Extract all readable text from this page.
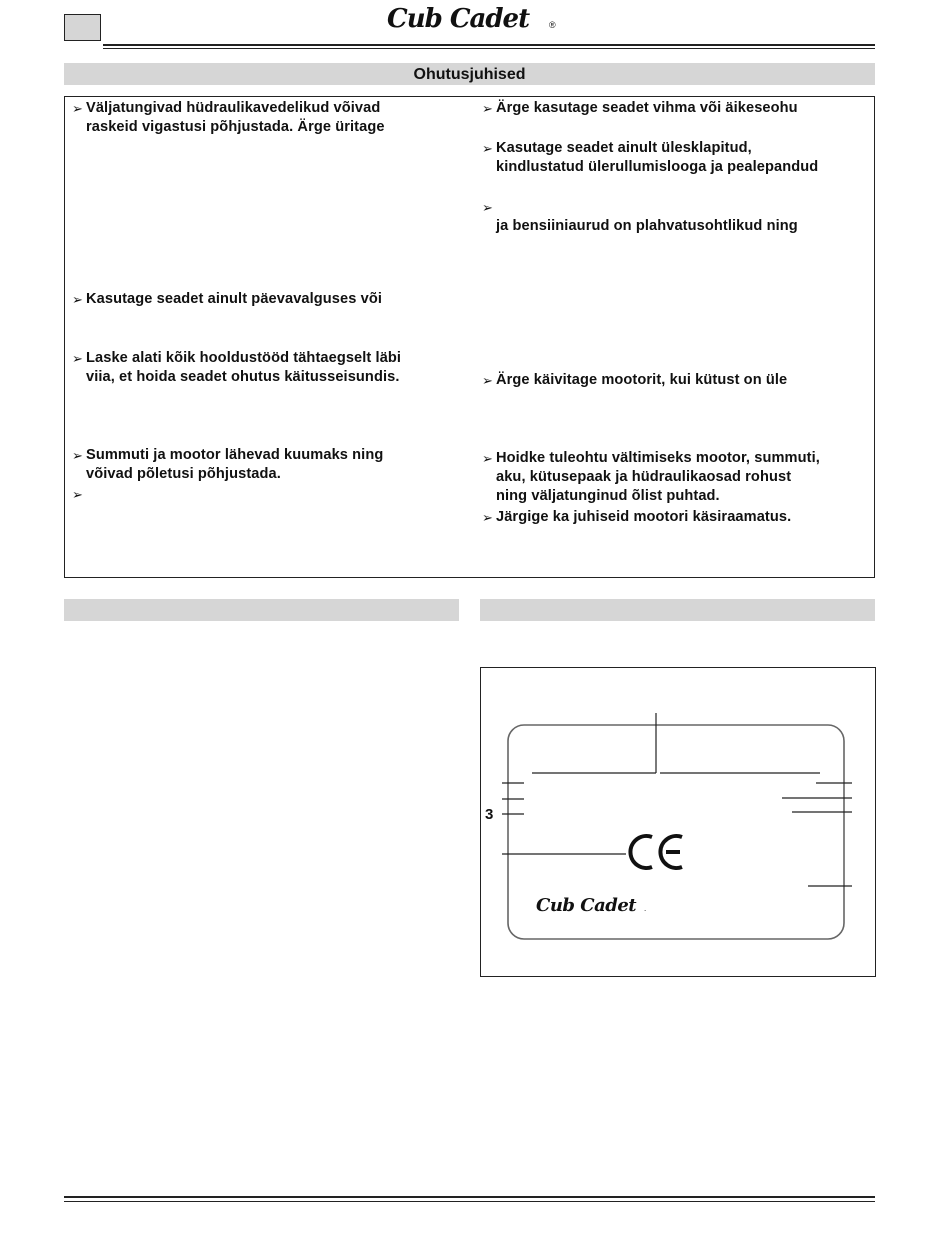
Cub Cadet ®
Ohutusjuhised
➢ Väljatungivad hüdraulikavedelikud võivad
raskeid vigastusi põhjustada. Ärge üritage
➢ Kasutage seadet ainult päevavalguses või
➢ Laske alati kõik hooldustööd tähtaegselt läbi
viia, et hoida seadet ohutus käitusseisundis.
➢ Summuti ja mootor lähevad kuumaks ning
võivad põletusi põhjustada.
➢
➢ Ärge kasutage seadet vihma või äikeseohu
➢ Kasutage seadet ainult ülesklapitud,
kindlustatud ülerullumislooga ja pealepandud
➢

ja bensiiniaurud on plahvatusohtlikud ning
➢ Ärge käivitage mootorit, kui kütust on üle
➢ Hoidke tuleohtu vältimiseks mootor, summuti,
aku, kütusepaak ja hüdraulikaosad rohust
ning väljatunginud õlist puhtad.
➢ Järgige ka juhiseid mootori käsiraamatus.
Cub Cadet .
3
